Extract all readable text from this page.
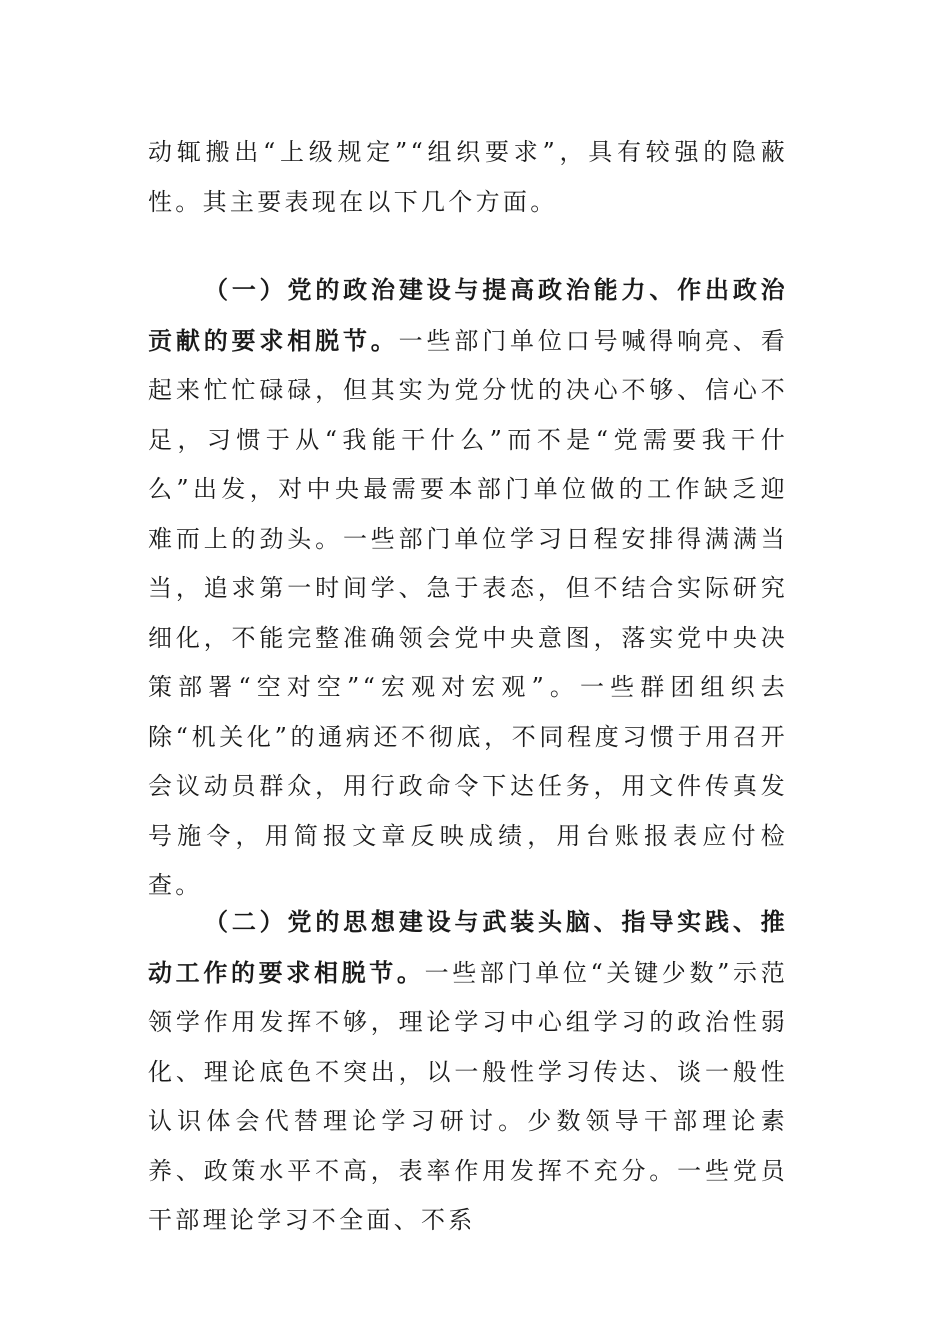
动辄搬出“上级规定”“组织要求”，具有较强的隐蔽性。其主要表现在以下几个方面。

（一）党的政治建设与提高政治能力、作出政治贡献的要求相脱节。一些部门单位口号喊得响亮、看起来忙忙碌碌，但其实为党分忧的决心不够、信心不足，习惯于从“我能干什么”而不是“党需要我干什么”出发，对中央最需要本部门单位做的工作缺乏迎难而上的劲头。一些部门单位学习日程安排得满满当当，追求第一时间学、急于表态，但不结合实际研究细化，不能完整准确领会党中央意图，落实党中央决策部署“空对空”“宏观对宏观”。一些群团组织去除“机关化”的通病还不彻底，不同程度习惯于用召开会议动员群众，用行政命令下达任务，用文件传真发号施令，用简报文章反映成绩，用台账报表应付检查。

（二）党的思想建设与武装头脑、指导实践、推动工作的要求相脱节。一些部门单位“关键少数”示范领学作用发挥不够，理论学习中心组学习的政治性弱化、理论底色不突出，以一般性学习传达、谈一般性认识体会代替理论学习研讨。少数领导干部理论素养、政策水平不高，表率作用发挥不充分。一些党员干部理论学习不全面、不系
